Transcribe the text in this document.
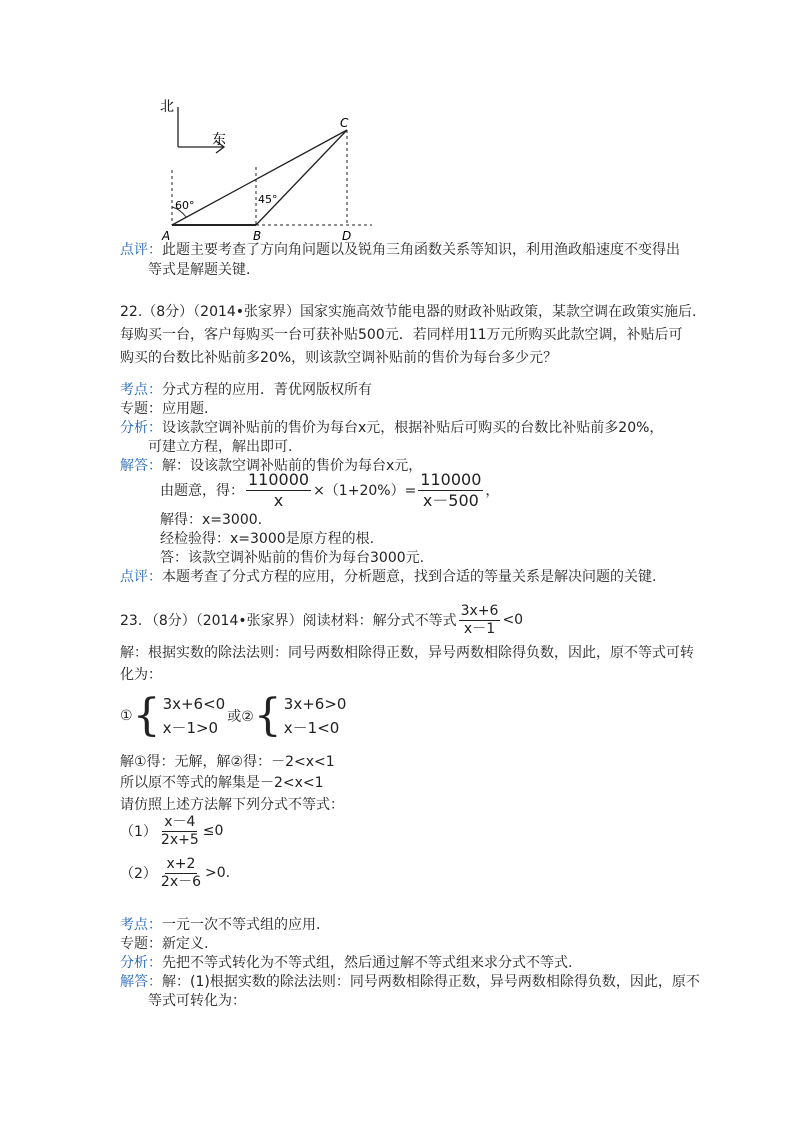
北
东
60°	45°
A	B
C
D
点评：此题主要考查了方向角问题以及锐角三角函数关系等知识，利用渔政船速度不变得出
等式是解题关键.
22.（8分）（2014•张家界）国家实施高效节能电器的财政补贴政策，某款空调在政策实施后.
每购买一台，客户每购买一台可获补贴500元．若同样用11万元所购买此款空调，补贴后可
购买的台数比补贴前多20%，则该款空调补贴前的售价为每台多少元？
考点：分式方程的应用．菁优网版权所有
专题：应用题.
分析：设该款空调补贴前的售价为每台x元，根据补贴后可购买的台数比补贴前多20%，
可建立方程，解出即可.
解答：解：设该款空调补贴前的售价为每台x元，
由题意，得： $\frac{110000}{x} \times(1+20\%)= \frac{110000}{x-500}$ ，
解得：x=3000.
经检验得：x=3000是原方程的根.
答：该款空调补贴前的售价为每台3000元.
点评：本题考查了分式方程的应用，分析题意，找到合适的等量关系是解决问题的关键.
23．（8分）（2014•张家界）阅读材料：解分式不等式 $\frac{3x+6}{x-1} <0$
解：根据实数的除法法则：同号两数相除得正数，异号两数相除得负数，因此，原不等式可转
化为：
① { 3x+6<0
x－1>0
或② { 3x+6>0
x－1<0
解①得：无解，解②得：－2<x<1
所以原不等式的解集是－2<x<1
请仿照上述方法解下列分式不等式：
$(1) \frac{x-4}{2x+5} \le 0$
$(2) \frac{x+2}{2x-6} >0$.
考点：一元一次不等式组的应用.
专题：新定义.
分析：先把不等式转化为不等式组，然后通过解不等式组来求分式不等式.
解答：解：(1)根据实数的除法法则：同号两数相除得正数，异号两数相除得负数，因此，原不
等式可转化为：
